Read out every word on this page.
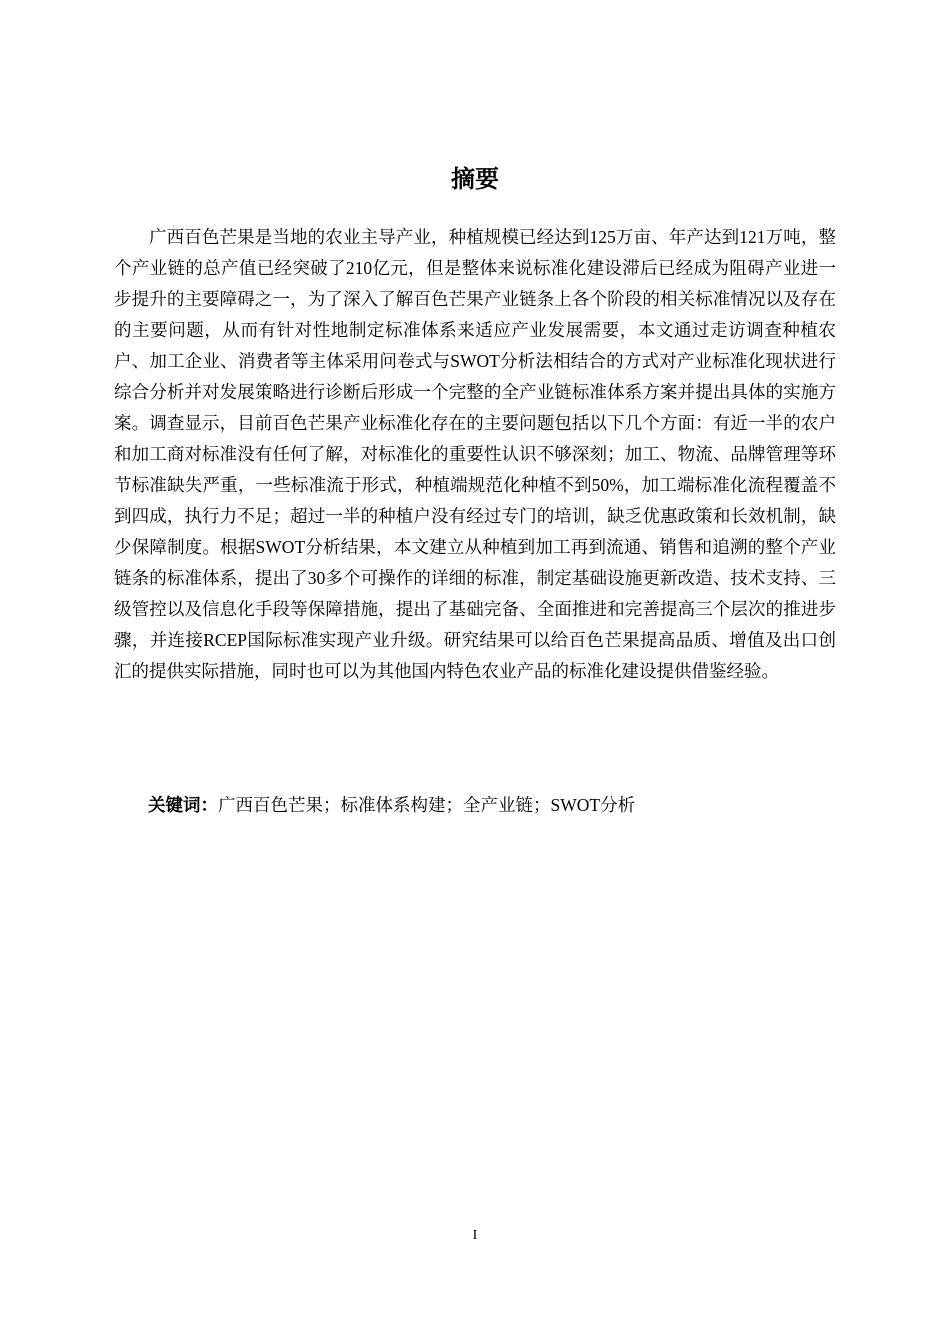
摘要

广西百色芒果是当地的农业主导产业，种植规模已经达到125万亩、年产达到121万吨，整个产业链的总产值已经突破了210亿元，但是整体来说标准化建设滞后已经成为阻碍产业进一步提升的主要障碍之一，为了深入了解百色芒果产业链条上各个阶段的相关标准情况以及存在的主要问题，从而有针对性地制定标准体系来适应产业发展需要，本文通过走访调查种植农户、加工企业、消费者等主体采用问卷式与SWOT分析法相结合的方式对产业标准化现状进行综合分析并对发展策略进行诊断后形成一个完整的全产业链标准体系方案并提出具体的实施方案。调查显示，目前百色芒果产业标准化存在的主要问题包括以下几个方面：有近一半的农户和加工商对标准没有任何了解，对标准化的重要性认识不够深刻；加工、物流、品牌管理等环节标准缺失严重，一些标准流于形式，种植端规范化种植不到50%，加工端标准化流程覆盖不到四成，执行力不足；超过一半的种植户没有经过专门的培训，缺乏优惠政策和长效机制，缺少保障制度。根据SWOT分析结果，本文建立从种植到加工再到流通、销售和追溯的整个产业链条的标准体系，提出了30多个可操作的详细的标准，制定基础设施更新改造、技术支持、三级管控以及信息化手段等保障措施，提出了基础完备、全面推进和完善提高三个层次的推进步骤，并连接RCEP国际标准实现产业升级。研究结果可以给百色芒果提高品质、增值及出口创汇的提供实际措施，同时也可以为其他国内特色农业产品的标准化建设提供借鉴经验。

关键词：广西百色芒果；标准体系构建；全产业链；SWOT分析

I
